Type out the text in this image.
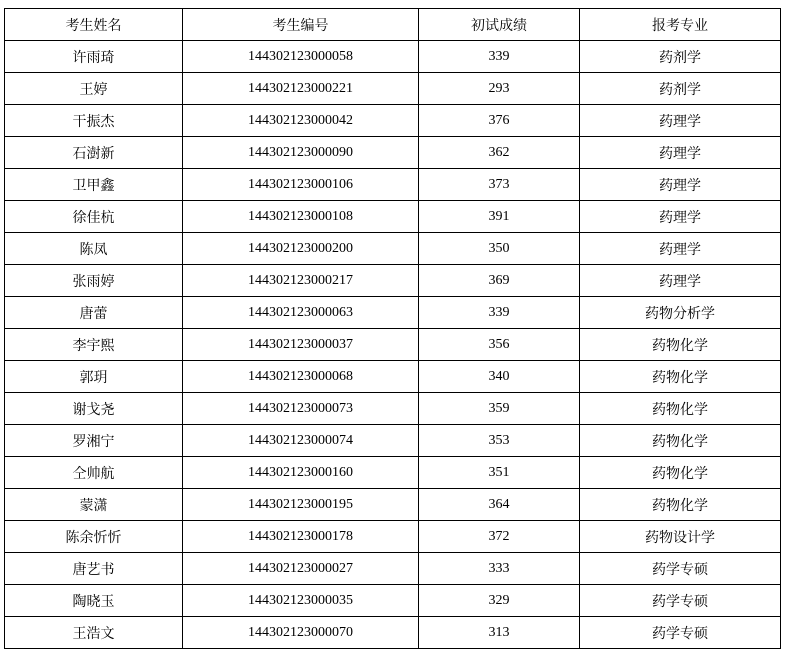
考生姓名	考生编号	初试成绩	报考专业
许雨琦	144302123000058	339	药剂学
王婷	144302123000221	293	药剂学
干振杰	144302123000042	376	药理学
石澍新	144302123000090	362	药理学
卫甲鑫	144302123000106	373	药理学
徐佳杭	144302123000108	391	药理学
陈凤	144302123000200	350	药理学
张雨婷	144302123000217	369	药理学
唐蕾	144302123000063	339	药物分析学
李宇熙	144302123000037	356	药物化学
郭玥	144302123000068	340	药物化学
谢戈尧	144302123000073	359	药物化学
罗湘宁	144302123000074	353	药物化学
仝帅航	144302123000160	351	药物化学
蒙潇	144302123000195	364	药物化学
陈余忻忻	144302123000178	372	药物设计学
唐艺书	144302123000027	333	药学专硕
陶晓玉	144302123000035	329	药学专硕
王浩文	144302123000070	313	药学专硕
